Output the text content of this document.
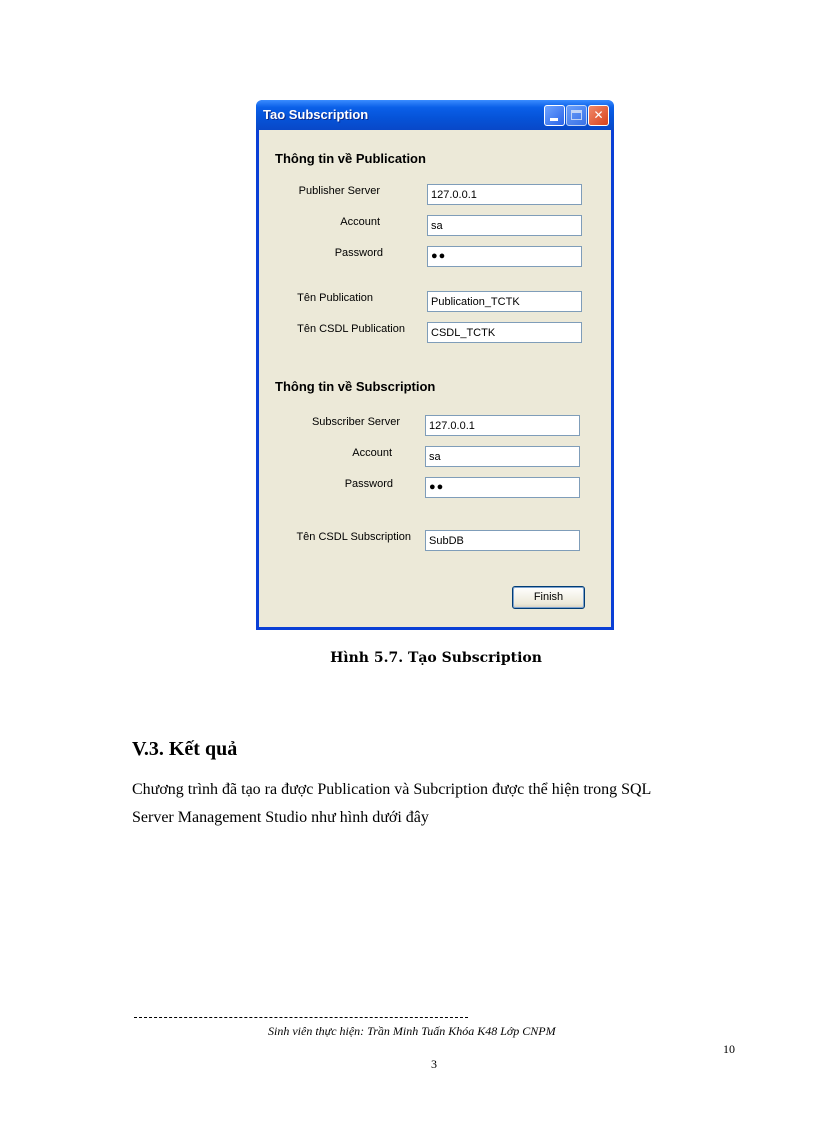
Tao Subscription	✕
Thông tin về Publication
Publisher Server	127.0.0.1
Account	sa
Password	●●
Tên Publication	Publication_TCTK
Tên CSDL Publication	CSDL_TCTK
Thông tin về Subscription
Subscriber Server	127.0.0.1
Account	sa
Password	●●
Tên CSDL Subscription	SubDB
Finish
Hình 5.7. Tạo Subscription
V.3. Kết quả
Chương trình đã tạo ra được Publication và Subcription được thể hiện trong SQL
Server Management Studio như hình dưới đây
Sinh viên thực hiện: Trần Minh Tuấn Khóa K48 Lớp CNPM
10
3
